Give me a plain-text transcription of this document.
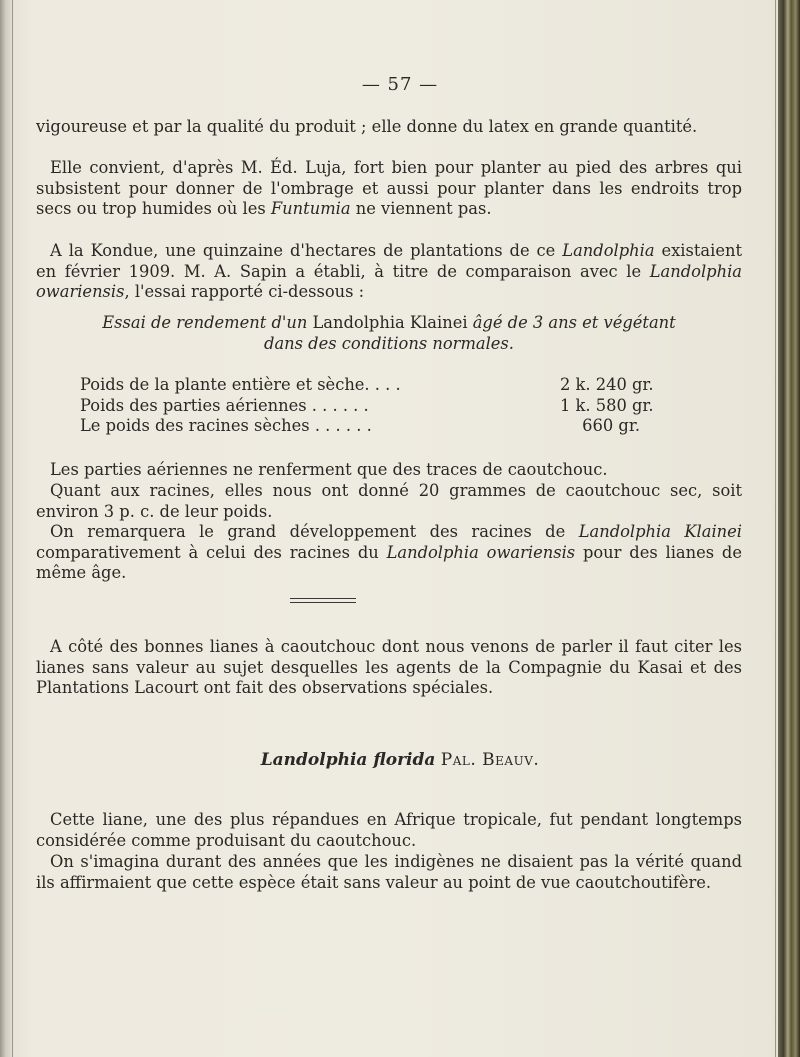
— 57 —

vigoureuse et par la qualité du produit ; elle donne du latex en grande quantité.

Elle convient, d'après M. Éd. Luja, fort bien pour planter au pied des arbres qui subsistent pour donner de l'ombrage et aussi pour planter dans les endroits trop secs ou trop humides où les Funtumia ne viennent pas.

A la Kondue, une quinzaine d'hectares de plantations de ce Landolphia existaient en février 1909. M. A. Sapin a établi, à titre de comparaison avec le Landolphia owariensis, l'essai rapporté ci-dessous :

Essai de rendement d'un Landolphia Klainei âgé de 3 ans et végétant

dans des conditions normales.

Poids de la plante entière et sèche. . . .	2 k. 240 gr.
Poids des parties aériennes . . . . . .	1 k. 580 gr.
Le poids des racines sèches . . . . . .	660 gr.

Les parties aériennes ne renferment que des traces de caoutchouc.

Quant aux racines, elles nous ont donné 20 grammes de caoutchouc sec, soit environ 3 p. c. de leur poids.

On remarquera le grand développement des racines de Landolphia Klainei comparativement à celui des racines du Landolphia owariensis pour des lianes de même âge.

A côté des bonnes lianes à caoutchouc dont nous venons de parler il faut citer les lianes sans valeur au sujet desquelles les agents de la Compagnie du Kasai et des Plantations Lacourt ont fait des observations spéciales.

Landolphia florida Pal. Beauv.

Cette liane, une des plus répandues en Afrique tropicale, fut pendant longtemps considérée comme produisant du caoutchouc.

On s'imagina durant des années que les indigènes ne disaient pas la vérité quand ils affirmaient que cette espèce était sans valeur au point de vue caoutchoutifère.
